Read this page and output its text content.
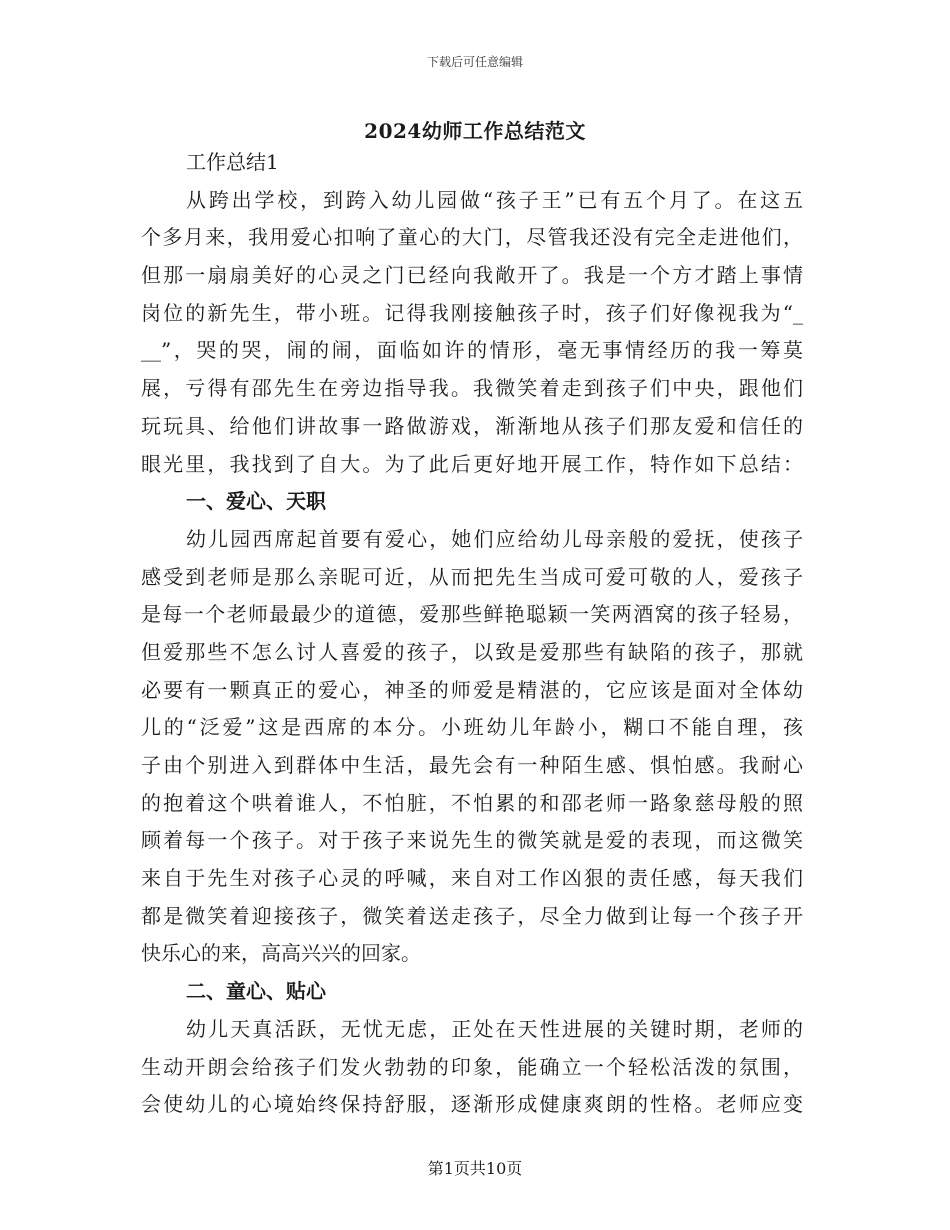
下载后可任意编辑
2024幼师工作总结范文
工作总结1
从跨出学校，到跨入幼儿园做“孩子王”已有五个月了。在这五
个多月来，我用爱心扣响了童心的大门，尽管我还没有完全走进他们，
但那一扇扇美好的心灵之门已经向我敞开了。我是一个方才踏上事情
岗位的新先生，带小班。记得我刚接触孩子时，孩子们好像视我为“_
__”，哭的哭，闹的闹，面临如许的情形，毫无事情经历的我一筹莫
展，亏得有邵先生在旁边指导我。我微笑着走到孩子们中央，跟他们
玩玩具、给他们讲故事一路做游戏，渐渐地从孩子们那友爱和信任的
眼光里，我找到了自大。为了此后更好地开展工作，特作如下总结：
一、爱心、天职
幼儿园西席起首要有爱心，她们应给幼儿母亲般的爱抚，使孩子
感受到老师是那么亲昵可近，从而把先生当成可爱可敬的人，爱孩子
是每一个老师最最少的道德，爱那些鲜艳聪颖一笑两酒窝的孩子轻易，
但爱那些不怎么讨人喜爱的孩子，以致是爱那些有缺陷的孩子，那就
必要有一颗真正的爱心，神圣的师爱是精湛的，它应该是面对全体幼
儿的“泛爱”这是西席的本分。小班幼儿年龄小，糊口不能自理，孩
子由个别进入到群体中生活，最先会有一种陌生感、惧怕感。我耐心
的抱着这个哄着谁人，不怕脏，不怕累的和邵老师一路象慈母般的照
顾着每一个孩子。对于孩子来说先生的微笑就是爱的表现，而这微笑
来自于先生对孩子心灵的呼喊，来自对工作凶狠的责任感，每天我们
都是微笑着迎接孩子，微笑着送走孩子，尽全力做到让每一个孩子开
快乐心的来，高高兴兴的回家。
二、童心、贴心
幼儿天真活跃，无忧无虑，正处在天性进展的关键时期，老师的
生动开朗会给孩子们发火勃勃的印象，能确立一个轻松活泼的氛围，
会使幼儿的心境始终保持舒服，逐渐形成健康爽朗的性格。老师应变
第1页共10页
